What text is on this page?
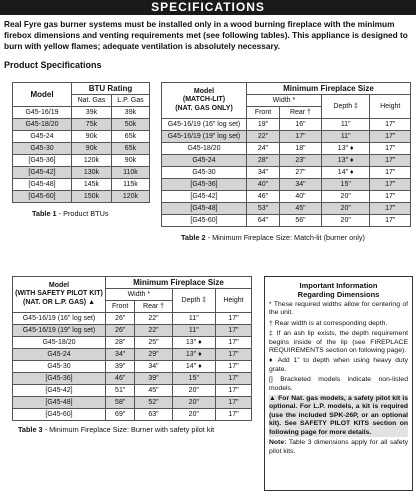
SPECIFICATIONS
Real Fyre gas burner systems must be installed only in a wood burning fireplace with the minimum firebox dimensions and venting requirements met (see following tables). This appliance is designed to burn with yellow flames; adequate ventilation is absolutely necessary.
Product Specifications
Model	BTU Rating	
	Nat. Gas	L.P. Gas
G45-16/19	39k	39k
G45-18/20	75k	50k
G45-24	90k	65k
G45-30	90k	65k
[G45-36]	120k	90k
[G45-42]	130k	110k
[G45-48]	145k	115k
[G45-60]	150k	120k
Table 1 - Product BTUs
Model
(MATCH-LIT)
(NAT. GAS ONLY)	Minimum Fireplace Size			
	Width *		Depth ‡	Height
	Front	Rear †		
G45-16/19 (16" log set)	19"	16"	11"	17"
G45-16/19 (19" log set)	22"	17"	11"	17"
G45-18/20	24"	18"	13" ♦	17"
G45-24	28"	23"	13" ♦	17"
G45-30	34"	27"	14" ♦	17"
[G45-36]	40"	34"	15"	17"
[G45-42]	46"	40"	20"	17"
[G45-48]	53"	45"	20"	17"
[G45-60]	64"	56"	20"	17"
Table 2 - Minimum Fireplace Size: Match-lit (burner only)
Model
(WITH SAFETY PILOT KIT)
(NAT. OR L.P. GAS) ▲	Minimum Fireplace Size			
	Width *		Depth ‡	Height
	Front	Rear †		
G45-16/19 (16" log set)	26"	22"	11"	17"
G45-16/19 (19" log set)	26"	22"	11"	17"
G45-18/20	28"	25"	13" ♦	17"
G45-24	34"	29"	13" ♦	17"
G45-30	39"	34"	14" ♦	17"
[G45-36]	46"	39"	15"	17"
[G45-42]	51"	45"	20"	17"
[G45-48]	58"	52"	20"	17"
[G45-60]	69"	63"	20"	17"
Table 3 - Minimum Fireplace Size: Burner with safety pilot kit
Important Information
Regarding Dimensions

* These required widths allow for centering of the unit.

† Rear width is at corresponding depth.

‡ If an ash lip exists, the depth requirement begins inside of the lip (see FIREPLACE REQUIREMENTS section on following page).

♦ Add 1" to depth when using heavy duty grate.

[] Bracketed models indicate non-listed models.

▲ For Nat. gas models, a safety pilot kit is optional. For L.P. models, a kit is required (use the included SPK-26P, or an optional kit). See SAFETY PILOT KITS section on following page for more details.

Note: Table 3 dimensions apply for all safety pilot kits.
